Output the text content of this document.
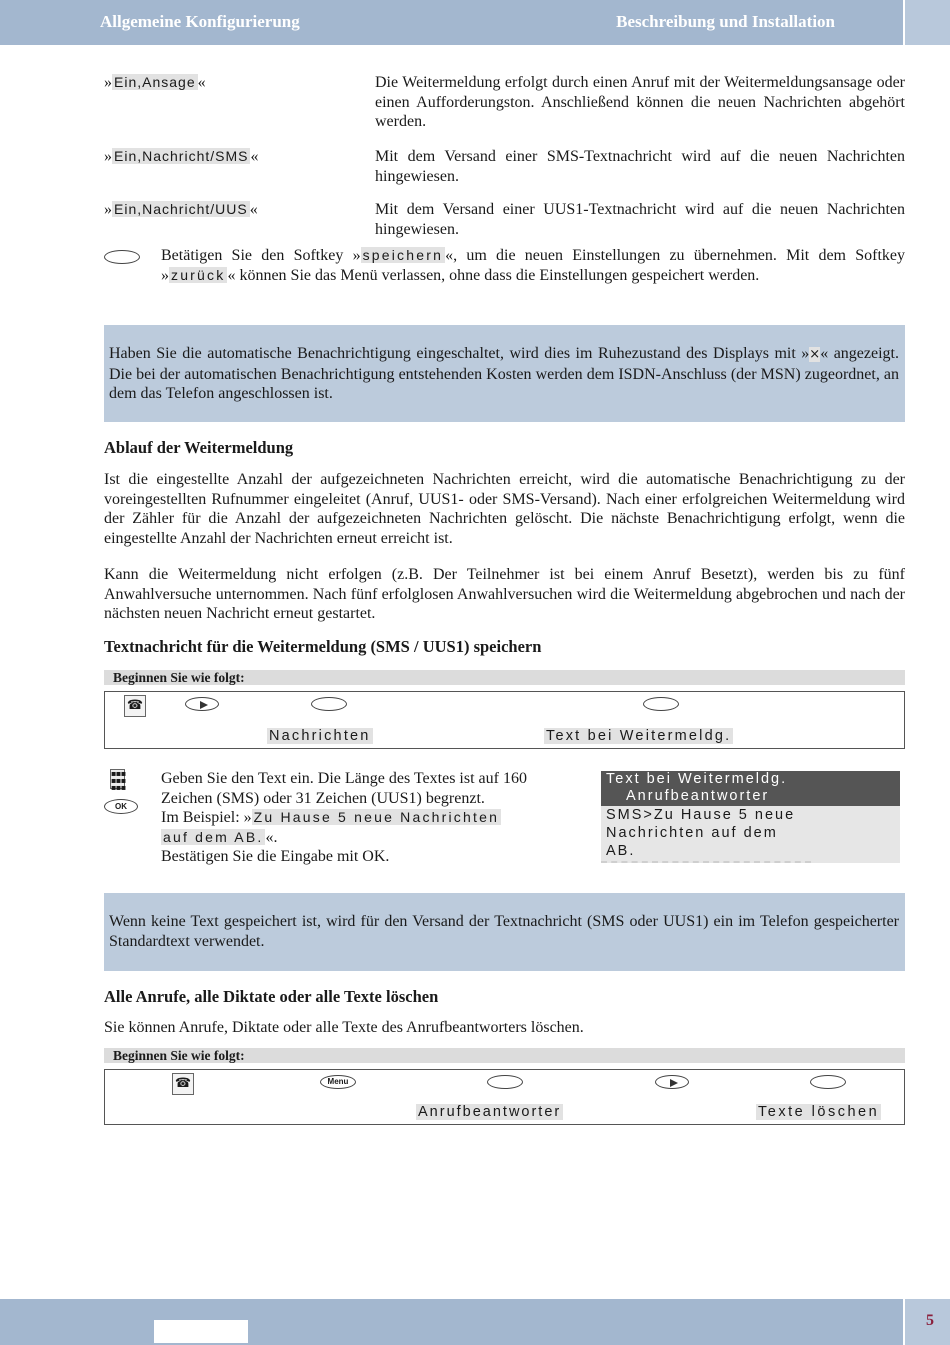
Allgemeine Konfigurierung	Beschreibung und Installation
» Ein,Ansage «	Die Weitermeldung erfolgt durch einen Anruf mit der Weitermeldungsansage oder einen Aufforderungston. Anschließend können die neuen Nachrichten abgehört werden.
» Ein,Nachricht/SMS «	Mit dem Versand einer SMS-Textnachricht wird auf die neuen Nachrichten hingewiesen.
» Ein,Nachricht/UUS «	Mit dem Versand einer UUS1-Textnachricht wird auf die neuen Nachrichten hingewiesen.
Betätigen Sie den Softkey » speichern «, um die neuen Einstellungen zu übernehmen. Mit dem Softkey » zurück « können Sie das Menü verlassen, ohne dass die Einstellungen gespeichert werden.

Haben Sie die automatische Benachrichtigung eingeschaltet, wird dies im Ruhezustand des Displays mit »×« angezeigt. Die bei der automatischen Benachrichtigung entstehenden Kosten werden dem ISDN-Anschluss (der MSN) zugeordnet, an dem das Telefon angeschlossen ist.

Ablauf der Weitermeldung
Ist die eingestellte Anzahl der aufgezeichneten Nachrichten erreicht, wird die automatische Benachrichtigung zu der voreingestellten Rufnummer eingeleitet (Anruf, UUS1- oder SMS-Versand). Nach einer erfolgreichen Weitermeldung wird der Zähler für die Anzahl der aufgezeichneten Nachrichten gelöscht. Die nächste Benachrichtigung erfolgt, wenn die eingestellte Anzahl der Nachrichten erneut erreicht ist.
Kann die Weitermeldung nicht erfolgen (z.B. Der Teilnehmer ist bei einem Anruf Besetzt), werden bis zu fünf Anwahlversuche unternommen. Nach fünf erfolglosen Anwahlversuchen wird die Weitermeldung abgebrochen und nach der nächsten neuen Nachricht erneut gestartet.
Textnachricht für die Weitermeldung (SMS / UUS1) speichern
Beginnen Sie wie folgt:
☎
Nachrichten	Text bei Weitermeldg.
▪▪▪
▪▪▪
▪▪▪
OK
Geben Sie den Text ein. Die Länge des Textes ist auf 160 Zeichen (SMS) oder 31 Zeichen (UUS1) begrenzt.
Im Beispiel: » Zu Hause 5 neue Nachrichten
auf dem AB. «.
Bestätigen Sie die Eingabe mit OK.
Text bei Weitermeldg.
Anrufbeantworter
SMS>Zu Hause 5 neue
Nachrichten auf dem
AB.

Wenn keine Text gespeichert ist, wird für den Versand der Textnachricht (SMS oder UUS1) ein im Telefon gespeicherter Standardtext verwendet.

Alle Anrufe, alle Diktate oder alle Texte löschen
Sie können Anrufe, Diktate oder alle Texte des Anrufbeantworters löschen.
Beginnen Sie wie folgt:
☎	Menu
Anrufbeantworter	Texte löschen
5
